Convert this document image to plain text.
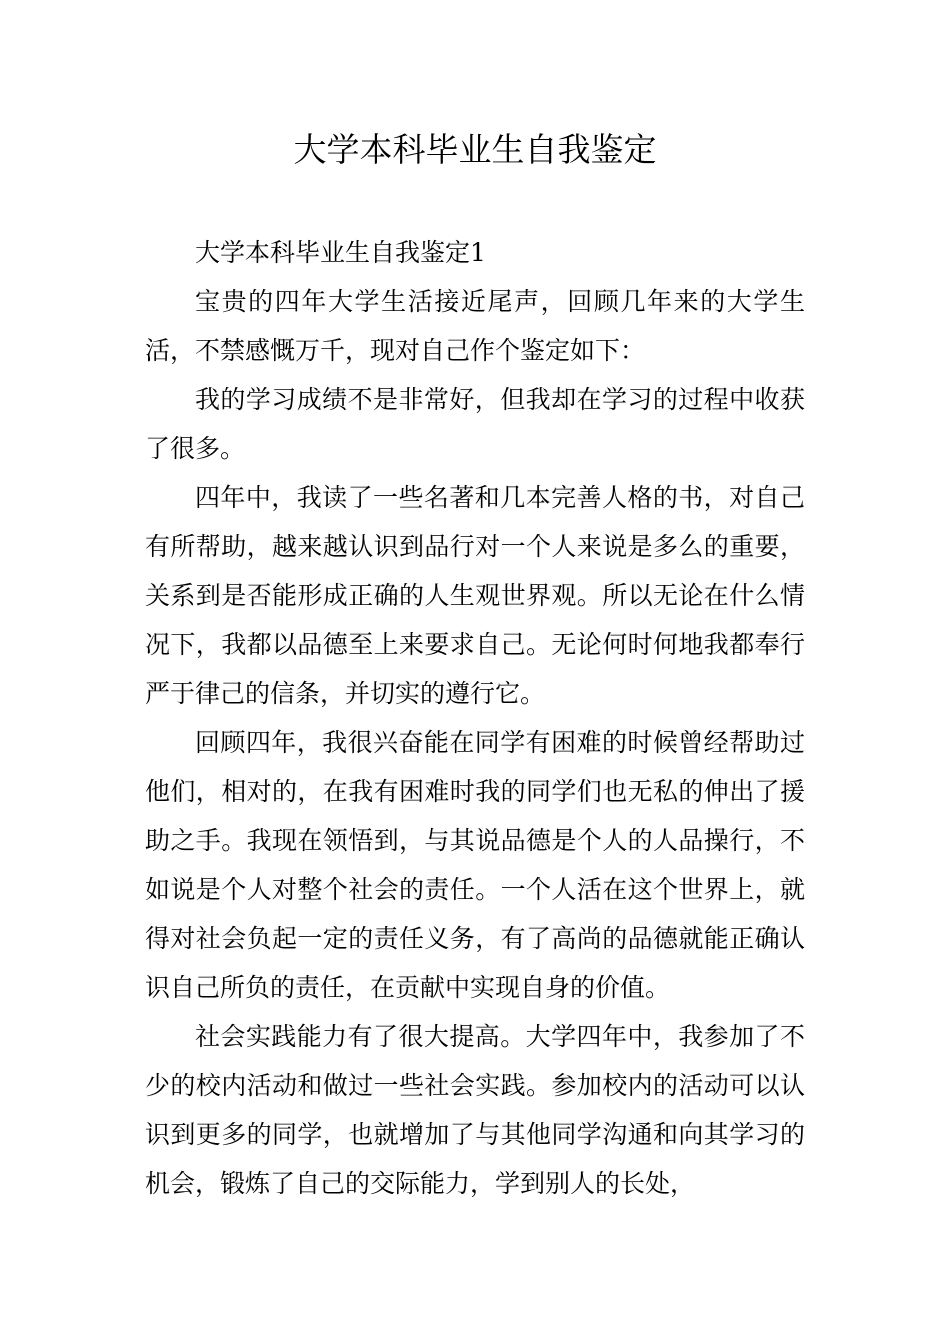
大学本科毕业生自我鉴定

大学本科毕业生自我鉴定1

宝贵的四年大学生活接近尾声，回顾几年来的大学生活，不禁感慨万千，现对自己作个鉴定如下：

我的学习成绩不是非常好，但我却在学习的过程中收获了很多。

四年中，我读了一些名著和几本完善人格的书，对自己有所帮助，越来越认识到品行对一个人来说是多么的重要，关系到是否能形成正确的人生观世界观。所以无论在什么情况下，我都以品德至上来要求自己。无论何时何地我都奉行严于律己的信条，并切实的遵行它。

回顾四年，我很兴奋能在同学有困难的时候曾经帮助过他们，相对的，在我有困难时我的同学们也无私的伸出了援助之手。我现在领悟到，与其说品德是个人的人品操行，不如说是个人对整个社会的责任。一个人活在这个世界上，就得对社会负起一定的责任义务，有了高尚的品德就能正确认识自己所负的责任，在贡献中实现自身的价值。

社会实践能力有了很大提高。大学四年中，我参加了不少的校内活动和做过一些社会实践。参加校内的活动可以认识到更多的同学，也就增加了与其他同学沟通和向其学习的机会，锻炼了自己的交际能力，学到别人的长处，
